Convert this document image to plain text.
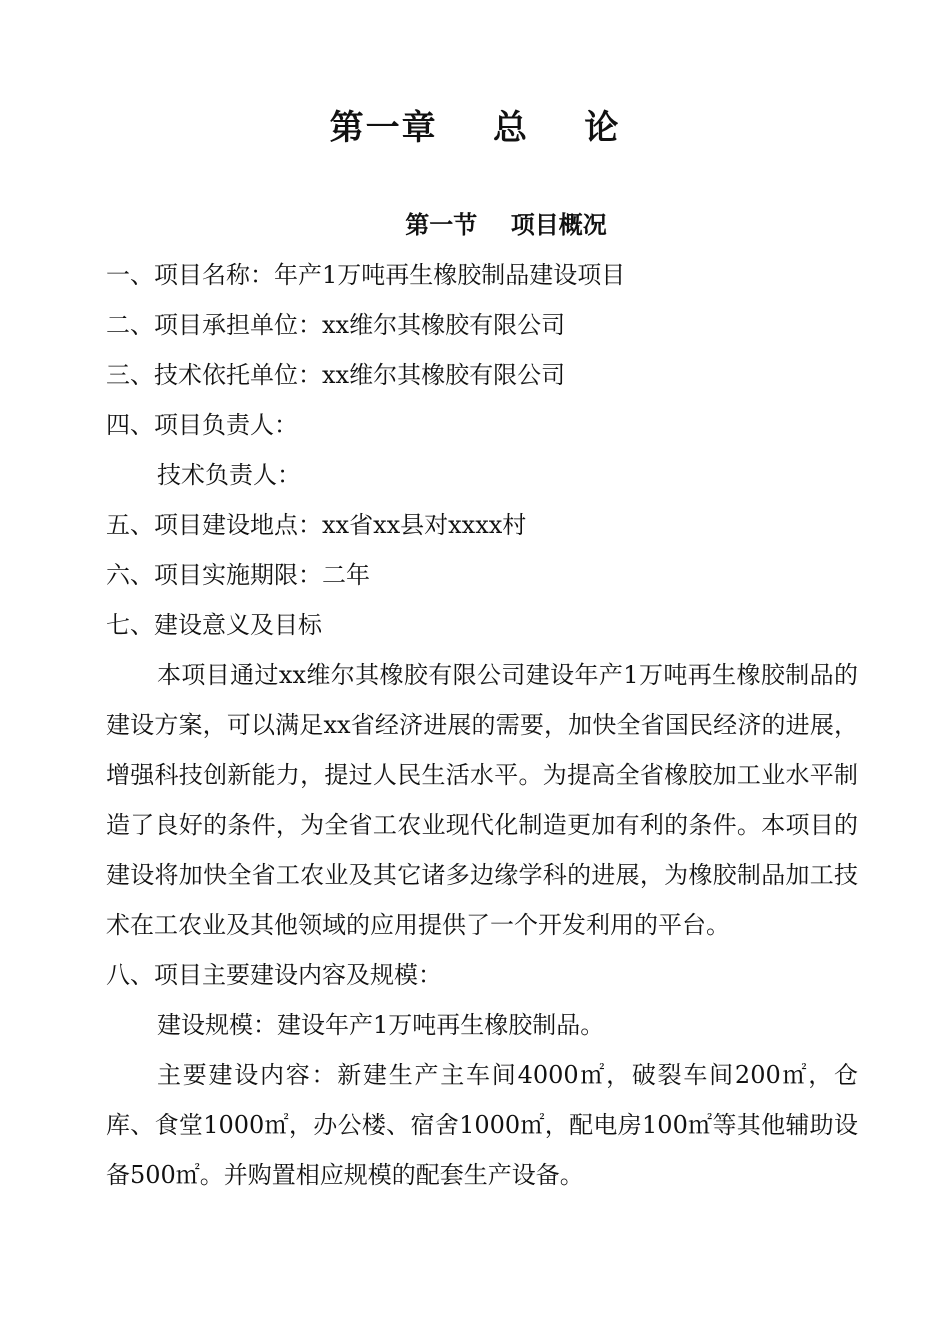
第一章    总    论
第一节    项目概况

一、项目名称：年产1万吨再生橡胶制品建设项目

二、项目承担单位：xx维尔其橡胶有限公司

三、技术依托单位：xx维尔其橡胶有限公司

四、项目负责人：

技术负责人：

五、项目建设地点：xx省xx县对xxxx村

六、项目实施期限：二年

七、建设意义及目标

本项目通过xx维尔其橡胶有限公司建设年产1万吨再生橡胶制品的建设方案，可以满足xx省经济进展的需要，加快全省国民经济的进展，增强科技创新能力，提过人民生活水平。为提高全省橡胶加工业水平制造了良好的条件，为全省工农业现代化制造更加有利的条件。本项目的建设将加快全省工农业及其它诸多边缘学科的进展，为橡胶制品加工技术在工农业及其他领域的应用提供了一个开发利用的平台。

八、项目主要建设内容及规模：

建设规模：建设年产1万吨再生橡胶制品。

主要建设内容：新建生产主车间4000㎡，破裂车间200㎡，仓库、食堂1000㎡，办公楼、宿舍1000㎡，配电房100㎡等其他辅助设备500㎡。并购置相应规模的配套生产设备。
